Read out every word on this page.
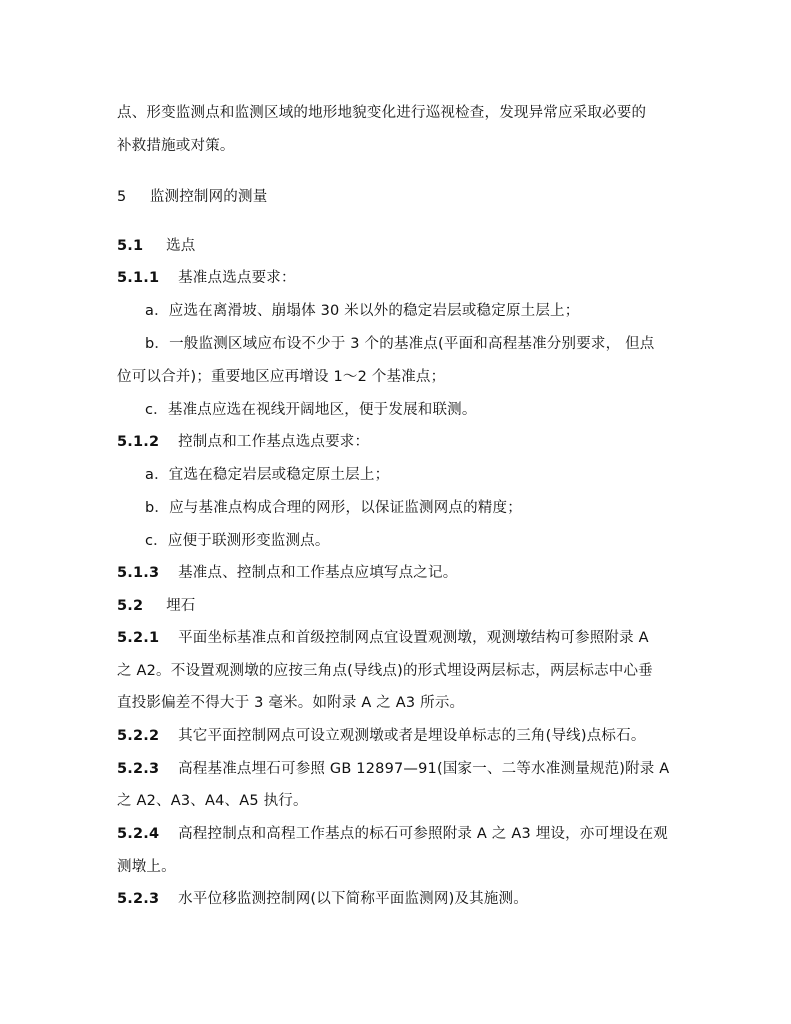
点、形变监测点和监测区域的地形地貌变化进行巡视检查，发现异常应采取必要的
补救措施或对策。
5 监测控制网的测量
5.1 选点
5.1.1 基准点选点要求：
a．应选在离滑坡、崩塌体 30 米以外的稳定岩层或稳定原土层上；
b．一般监测区域应布设不少于 3 个的基准点(平面和高程基准分别要求， 但点
位可以合并)；重要地区应再增设 1～2 个基准点；
c．基准点应选在视线开阔地区，便于发展和联测。
5.1.2 控制点和工作基点选点要求：
a．宜选在稳定岩层或稳定原土层上；
b．应与基准点构成合理的网形，以保证监测网点的精度；
c．应便于联测形变监测点。
5.1.3 基准点、控制点和工作基点应填写点之记。
5.2 埋石
5.2.1 平面坐标基准点和首级控制网点宜设置观测墩，观测墩结构可参照附录 A
之 A2。不设置观测墩的应按三角点(导线点)的形式埋设两层标志，两层标志中心垂
直投影偏差不得大于 3 毫米。如附录 A 之 A3 所示。
5.2.2 其它平面控制网点可设立观测墩或者是埋设单标志的三角(导线)点标石。
5.2.3 高程基准点埋石可参照 GB 12897—91(国家一、二等水准测量规范)附录 A
之 A2、A3、A4、A5 执行。
5.2.4 高程控制点和高程工作基点的标石可参照附录 A 之 A3 埋设，亦可埋设在观
测墩上。
5.2.3 水平位移监测控制网(以下简称平面监测网)及其施测。
